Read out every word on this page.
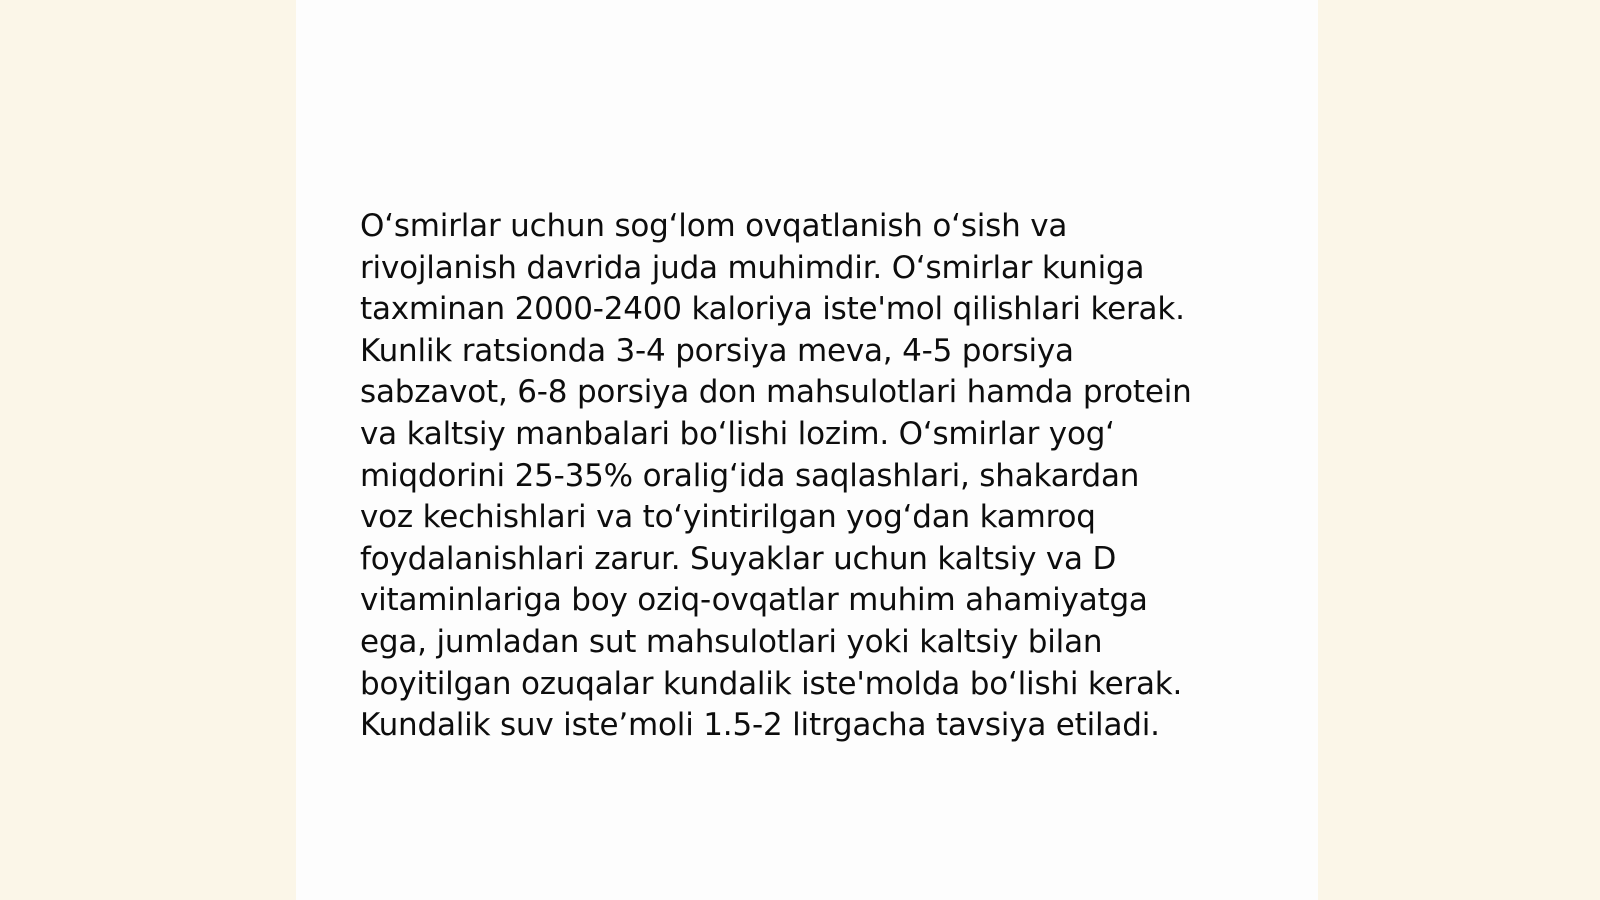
O‘smirlar uchun sog‘lom ovqatlanish o‘sish va
rivojlanish davrida juda muhimdir. O‘smirlar kuniga
taxminan 2000-2400 kaloriya iste'mol qilishlari kerak.
Kunlik ratsionda 3-4 porsiya meva, 4-5 porsiya
sabzavot, 6-8 porsiya don mahsulotlari hamda protein
va kaltsiy manbalari bo‘lishi lozim. O‘smirlar yog‘
miqdorini 25-35% oralig‘ida saqlashlari, shakardan
voz kechishlari va to‘yintirilgan yog‘dan kamroq
foydalanishlari zarur. Suyaklar uchun kaltsiy va D
vitaminlariga boy oziq-ovqatlar muhim ahamiyatga
ega, jumladan sut mahsulotlari yoki kaltsiy bilan
boyitilgan ozuqalar kundalik iste'molda bo‘lishi kerak.
Kundalik suv iste’moli 1.5-2 litrgacha tavsiya etiladi.
